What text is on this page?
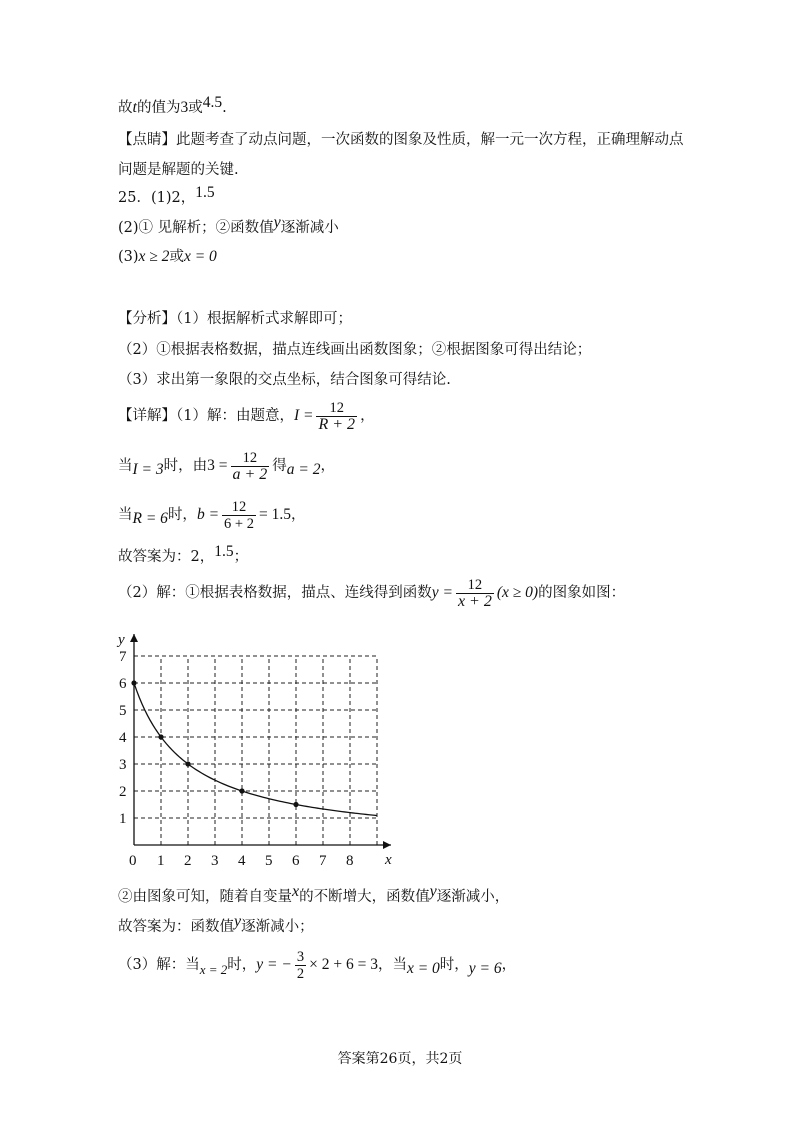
故t的值为3或4.5.
【点睛】此题考查了动点问题，一次函数的图象及性质，解一元一次方程，正确理解动点
问题是解题的关键.
25．(1)2，1.5
(2)① 见解析；②函数值y逐渐减小
(3)x ≥ 2或x = 0
【分析】（1）根据解析式求解即可；
（2）①根据表格数据，描点连线画出函数图象；②根据图象可得出结论；
（3）求出第一象限的交点坐标，结合图象可得结论.
【详解】（1）解：由题意，$I = \frac{12}{R + 2}$ ，
当I = 3时，由$3 = \frac{12}{a + 2}$ 得a = 2，
当R = 6时，$b = \frac{12}{6 + 2} = 1.5$，
故答案为：2，1.5；
（2）解：①根据表格数据，描点、连线得到函数$y = \frac{12}{x + 2} (x \ge 0)$的图象如图：
x
y
0 1 2 3 4 5 6 7 8
1
2
3
4
5
6
7
②由图象可知，随着自变量x的不断增大，函数值y逐渐减小，
故答案为：函数值y逐渐减小；
（3）解：当x = 2时，y = − $\frac{3}{2} \times 2 + 6 = 3$，当x = 0时，y = 6，
答案第26页，共2页
